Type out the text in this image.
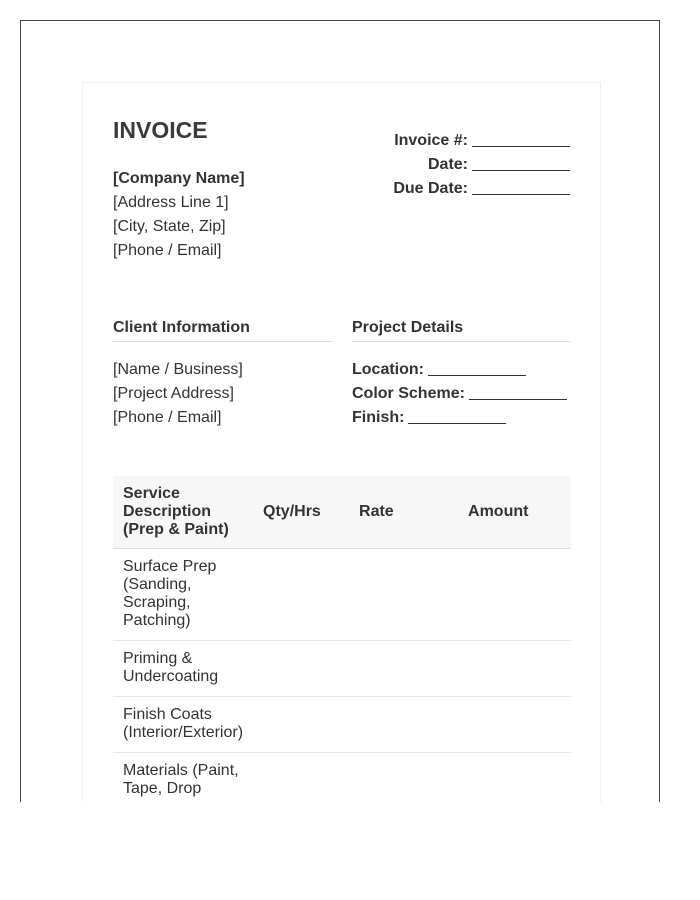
INVOICE
[Company Name]
[Address Line 1]
[City, State, Zip]
[Phone / Email]
Invoice #:
Date:
Due Date:
Client Information	Project Details
[Name / Business]
[Project Address]
[Phone / Email]
Location:
Color Scheme:
Finish:
Service Description (Prep & Paint)	Qty/Hrs	Rate	Amount
Surface Prep (Sanding, Scraping, Patching)			
Priming & Undercoating			
Finish Coats (Interior/Exterior)			
Materials (Paint, Tape, Drop			
